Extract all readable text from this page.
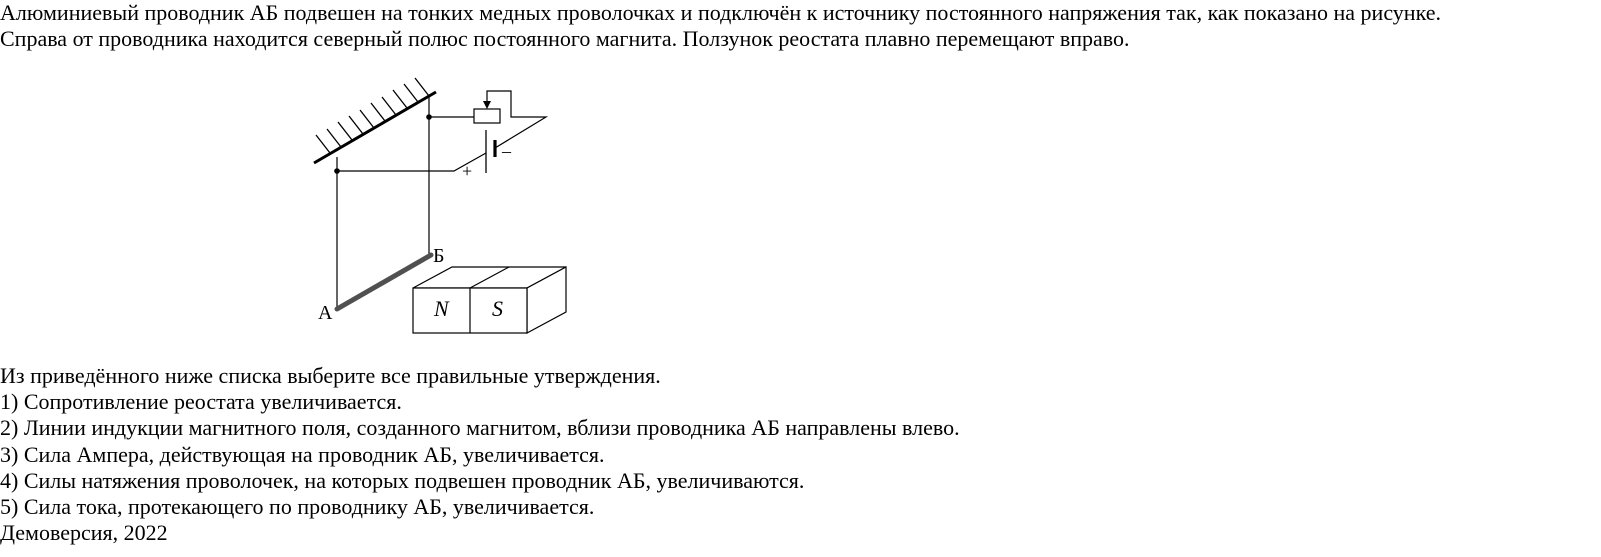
Алюминиевый проводник АБ подвешен на тонких медных проволочках и подключён к источнику постоянного напряжения так, как показано на рисунке.

Справа от проводника находится северный полюс постоянного магнита. Ползунок реостата плавно перемещают вправо.

А
Б
N S
+
–

Из приведённого ниже списка выберите все правильные утверждения.

1) Сопротивление реостата увеличивается.

2) Линии индукции магнитного поля, созданного магнитом, вблизи проводника АБ направлены влево.

3) Сила Ампера, действующая на проводник АБ, увеличивается.

4) Силы натяжения проволочек, на которых подвешен проводник АБ, увеличиваются.

5) Сила тока, протекающего по проводнику АБ, увеличивается.

Демоверсия, 2022
